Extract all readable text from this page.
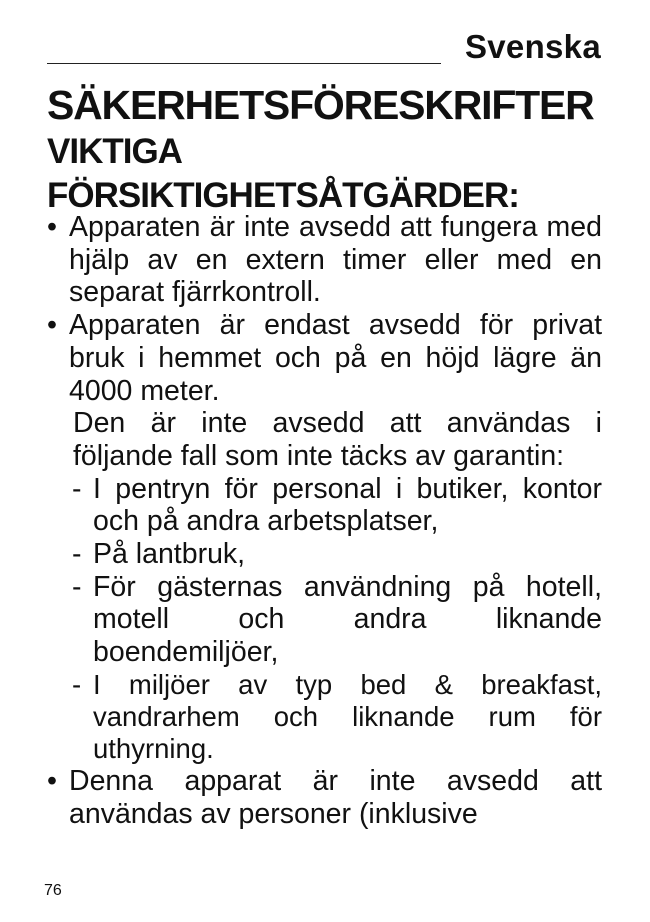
Svenska
SÄKERHETSFÖRESKRIFTER
VIKTIGA FÖRSIKTIGHETSÅTGÄRDER:
• Apparaten är inte avsedd att fungera med hjälp av en extern timer eller med en separat fjärrkontroll.
• Apparaten är endast avsedd för privat bruk i hemmet och på en höjd lägre än 4000 meter.
Den är inte avsedd att användas i följande fall som inte täcks av garantin:
- I pentryn för personal i butiker, kontor och på andra arbetsplatser,
- På lantbruk,
- För gästernas användning på hotell, motell och andra liknande boendemiljöer,
- I miljöer av typ bed & breakfast, vandrarhem och liknande rum för uthyrning.
• Denna apparat är inte avsedd att användas av personer (inklusive
76
